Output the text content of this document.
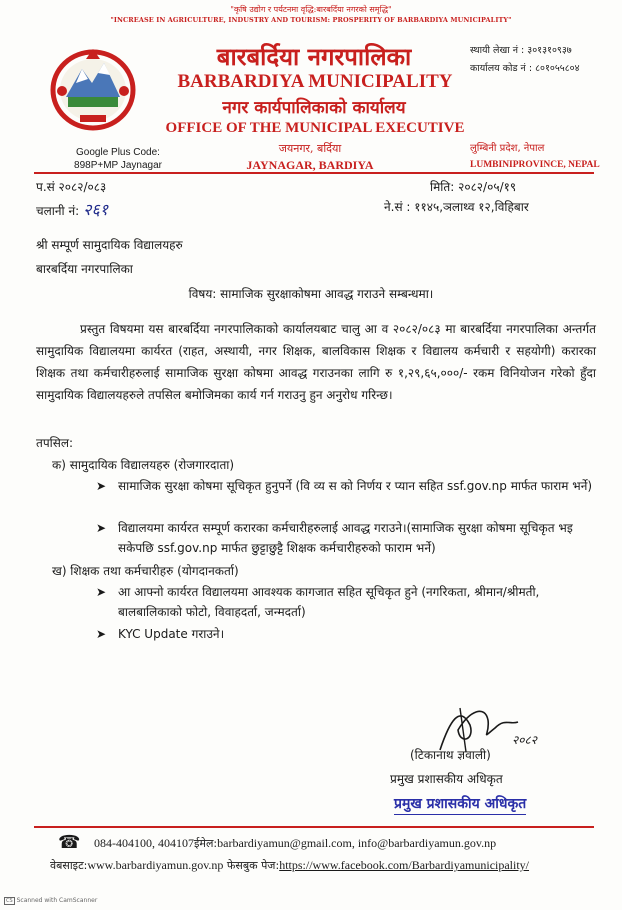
"कृषि उद्योग र पर्यटनमा वृद्धि:बारबर्दिया नगरको समृद्धि"
"INCREASE IN AGRICULTURE, INDUSTRY AND TOURISM: PROSPERITY OF BARBARDIYA MUNICIPALITY"
बारबर्दिया नगरपालिका
BARBARDIYA MUNICIPALITY
नगर कार्यपालिकाको कार्यालय
OFFICE OF THE MUNICIPAL EXECUTIVE
जयनगर, बर्दिया
JAYNAGAR, BARDIYA
Google Plus Code:
898P+MP Jaynagar
स्थायी लेखा नं : ३०१३१०९३७
कार्यालय कोड नं : ८०१०५५८०४
लुम्बिनी प्रदेश, नेपाल
LUMBINIPROVINCE, NEPAL
प.सं २०८२/०८३
चलानी नं: २६१
मिति: २०८२/०५/१९
ने.सं : ११४५,ञलाथ्व १२,विहिबार
श्री सम्पूर्ण सामुदायिक विद्यालयहरु
बारबर्दिया नगरपालिका
विषय: सामाजिक सुरक्षाकोषमा आवद्ध गराउने सम्बन्धमा।
प्रस्तुत विषयमा यस बारबर्दिया नगरपालिकाको कार्यालयबाट चालु आ व २०८२/०८३ मा बारबर्दिया नगरपालिका अन्तर्गत सामुदायिक विद्यालयमा कार्यरत (राहत, अस्थायी, नगर शिक्षक, बालविकास शिक्षक र विद्यालय कर्मचारी र सहयोगी) करारका शिक्षक तथा कर्मचारीहरुलाई सामाजिक सुरक्षा कोषमा आवद्ध गराउनका लागि रु १,२९,६५,०००/- रकम विनियोजन गरेको हुँदा सामुदायिक विद्यालयहरुले तपसिल बमोजिमका कार्य गर्न गराउनु हुन अनुरोध गरिन्छ।
तपसिल:
क) सामुदायिक विद्यालयहरु (रोजगारदाता)
➤ सामाजिक सुरक्षा कोषमा सूचिकृत हुनुपर्ने (वि व्य स को निर्णय र प्यान सहित ssf.gov.np मार्फत फाराम भर्ने)
➤ विद्यालयमा कार्यरत सम्पूर्ण करारका कर्मचारीहरुलाई आवद्ध गराउने।(सामाजिक सुरक्षा कोषमा सूचिकृत भइ सकेपछि ssf.gov.np मार्फत छुट्टाछुट्टै शिक्षक कर्मचारीहरुको फाराम भर्ने)
ख) शिक्षक तथा कर्मचारीहरु (योगदानकर्ता)
➤ आ आफ्नो कार्यरत विद्यालयमा आवश्यक कागजात सहित सूचिकृत हुने (नगरिकता, श्रीमान/श्रीमती, बालबालिकाको फोटो, विवाहदर्ता, जन्मदर्ता)
➤ KYC Update गराउने।
२०८२
(टिकानाथ ज्ञवाली)
प्रमुख प्रशासकीय अधिकृत
प्रमुख प्रशासकीय अधिकृत
☎ 084-404100, 404107ईमेल:barbardiyamun@gmail.com, info@barbardiyamun.gov.np
वेबसाइट:www.barbardiyamun.gov.np फेसबुक पेज:https://www.facebook.com/Barbardiyamunicipality/
CS Scanned with CamScanner
